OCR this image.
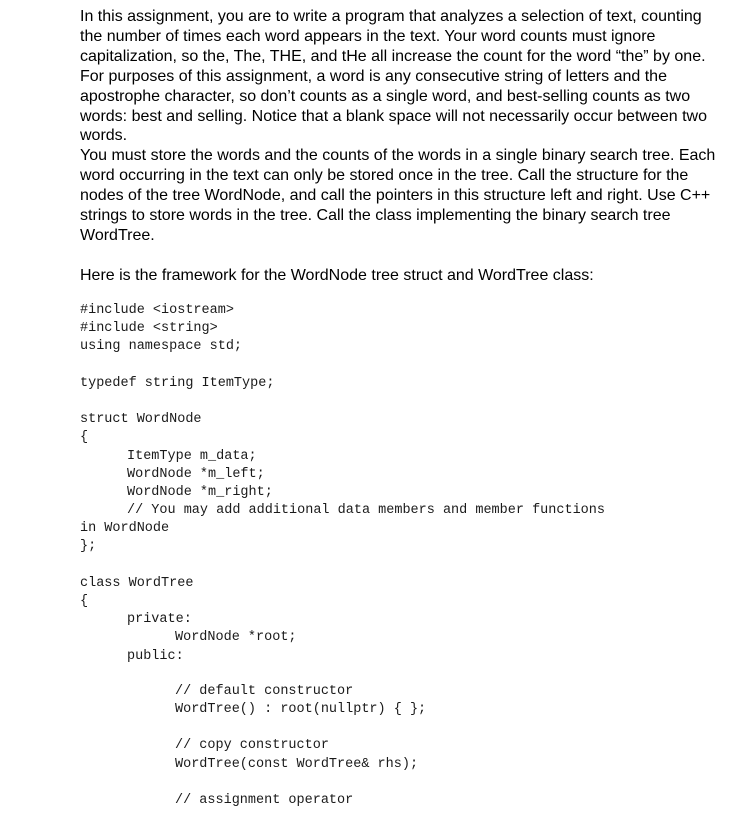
In this assignment, you are to write a program that analyzes a selection of text, counting the number of times each word appears in the text. Your word counts must ignore capitalization, so the, The, THE, and tHe all increase the count for the word “the” by one. For purposes of this assignment, a word is any consecutive string of letters and the apostrophe character, so don’t counts as a single word, and best-selling counts as two words: best and selling. Notice that a blank space will not necessarily occur between two words.

You must store the words and the counts of the words in a single binary search tree. Each word occurring in the text can only be stored once in the tree. Call the structure for the nodes of the tree WordNode, and call the pointers in this structure left and right. Use C++ strings to store words in the tree. Call the class implementing the binary search tree WordTree.

Here is the framework for the WordNode tree struct and WordTree class:

#include <iostream>
#include <string>
using namespace std;
typedef string ItemType;
struct WordNode
{
ItemType m_data;
WordNode *m_left;
WordNode *m_right;
// You may add additional data members and member functions
in WordNode
};
class WordTree
{
private:
WordNode *root;
public:
// default constructor
WordTree() : root(nullptr) { };
// copy constructor
WordTree(const WordTree& rhs);
// assignment operator
